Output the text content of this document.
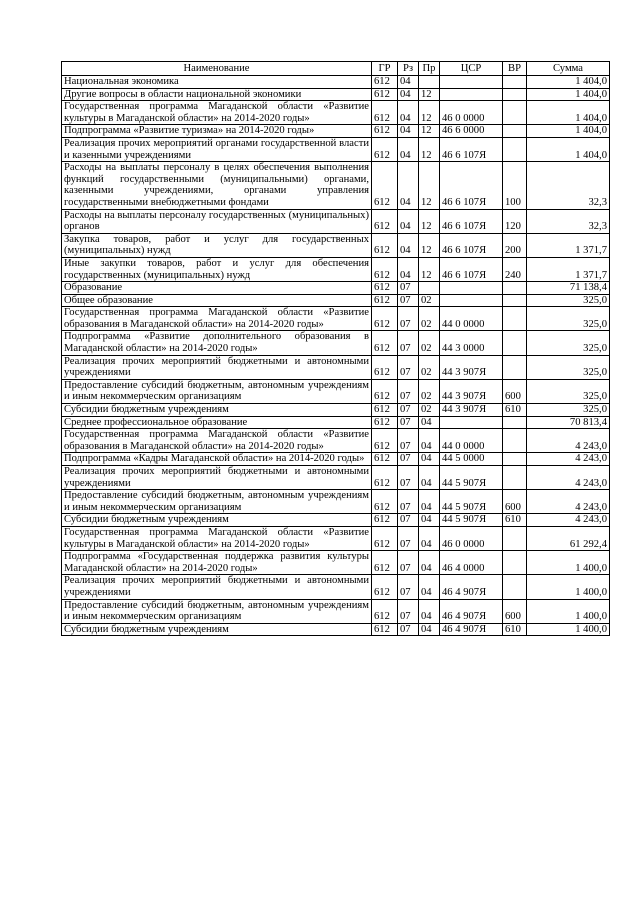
Наименование	ГР	Рз	Пр	ЦСР	ВР	Сумма
Национальная экономика	612	04				1 404,0
Другие вопросы в области национальной экономики	612	04	12			1 404,0
Государственная программа Магаданской области «Развитие культуры в Магаданской области» на 2014-2020 годы»	612	04	12	46 0 0000		1 404,0
Подпрограмма «Развитие туризма» на 2014-2020 годы»	612	04	12	46 6 0000		1 404,0
Реализация прочих мероприятий органами государственной власти и казенными учреждениями	612	04	12	46 6 107Я		1 404,0
Расходы на выплаты персоналу в целях обеспечения выполнения функций государственными (муниципальными) органами, казенными учреждениями, органами управления государственными внебюджетными фондами	612	04	12	46 6 107Я	100	32,3
Расходы на выплаты персоналу государственных (муниципальных) органов	612	04	12	46 6 107Я	120	32,3
Закупка товаров, работ и услуг для государственных (муниципальных) нужд	612	04	12	46 6 107Я	200	1 371,7
Иные закупки товаров, работ и услуг для обеспечения государственных (муниципальных) нужд	612	04	12	46 6 107Я	240	1 371,7
Образование	612	07				71 138,4
Общее образование	612	07	02			325,0
Государственная программа Магаданской области «Развитие образования в Магаданской области» на 2014-2020 годы»	612	07	02	44 0 0000		325,0
Подпрограмма «Развитие дополнительного образования в Магаданской области» на 2014-2020 годы»	612	07	02	44 3 0000		325,0
Реализация прочих мероприятий бюджетными и автономными учреждениями	612	07	02	44 3 907Я		325,0
Предоставление субсидий бюджетным, автономным учреждениям и иным некоммерческим организациям	612	07	02	44 3 907Я	600	325,0
Субсидии бюджетным учреждениям	612	07	02	44 3 907Я	610	325,0
Среднее профессиональное образование	612	07	04			70 813,4
Государственная программа Магаданской области «Развитие образования в Магаданской области» на 2014-2020 годы»	612	07	04	44 0 0000		4 243,0
Подпрограмма «Кадры Магаданской области» на 2014-2020 годы»	612	07	04	44 5 0000		4 243,0
Реализация прочих мероприятий бюджетными и автономными учреждениями	612	07	04	44 5 907Я		4 243,0
Предоставление субсидий бюджетным, автономным учреждениям и иным некоммерческим организациям	612	07	04	44 5 907Я	600	4 243,0
Субсидии бюджетным учреждениям	612	07	04	44 5 907Я	610	4 243,0
Государственная программа Магаданской области «Развитие культуры в Магаданской области» на 2014-2020 годы»	612	07	04	46 0 0000		61 292,4
Подпрограмма «Государственная поддержка развития культуры Магаданской области» на 2014-2020 годы»	612	07	04	46 4 0000		1 400,0
Реализация прочих мероприятий бюджетными и автономными учреждениями	612	07	04	46 4 907Я		1 400,0
Предоставление субсидий бюджетным, автономным учреждениям и иным некоммерческим организациям	612	07	04	46 4 907Я	600	1 400,0
Субсидии бюджетным учреждениям	612	07	04	46 4 907Я	610	1 400,0
